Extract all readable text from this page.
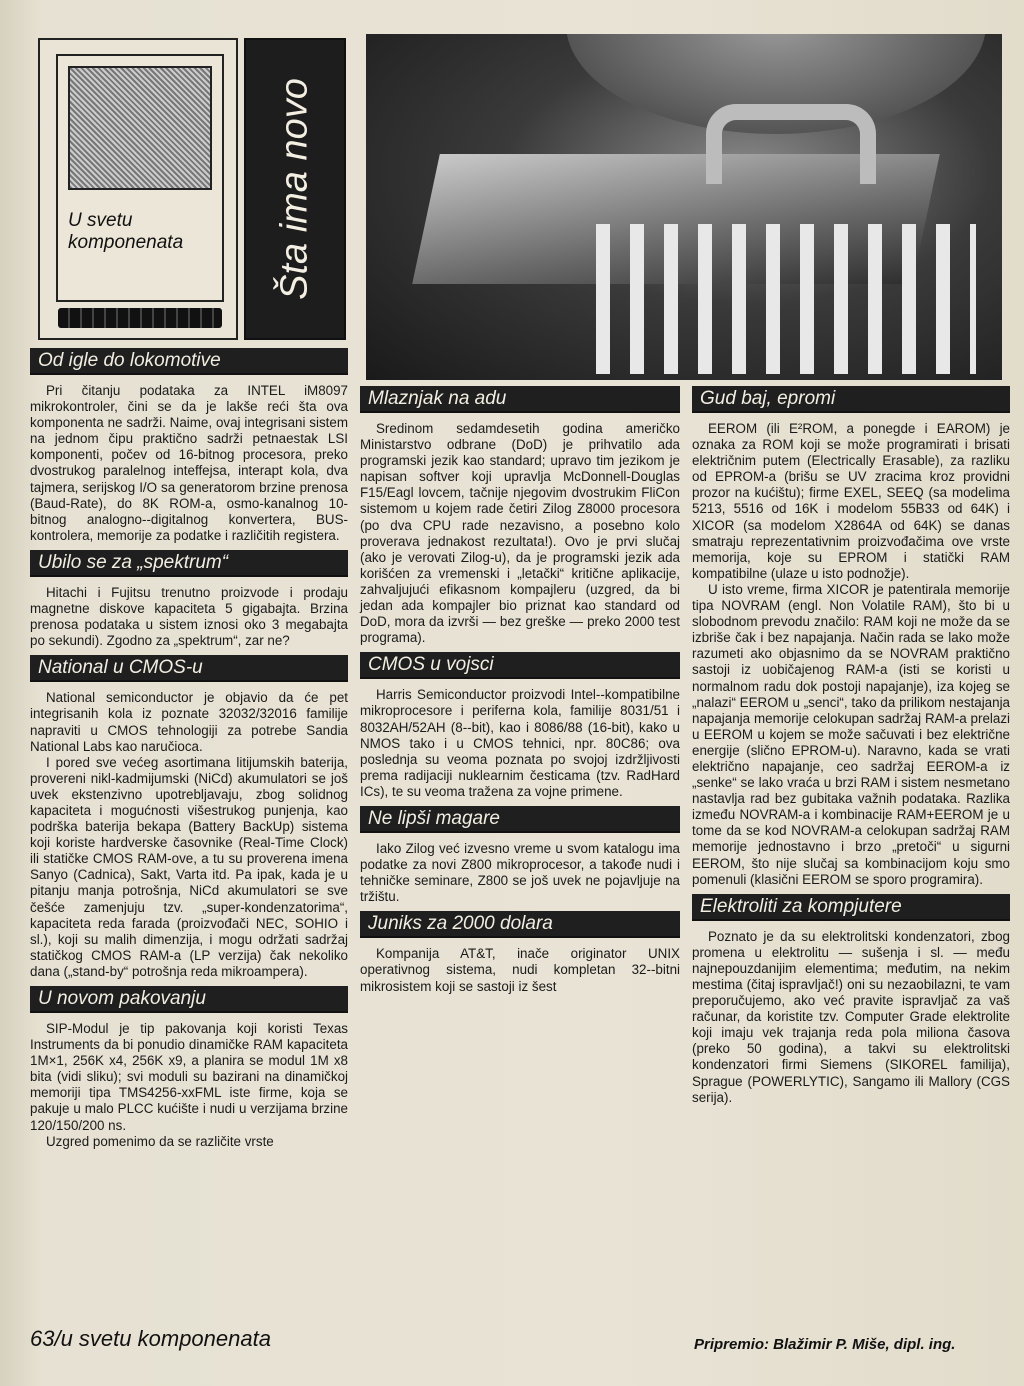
U svetu komponenata	Šta ima novo
Od igle do lokomotive

Pri čitanju podataka za INTEL iM8097 mikrokontroler, čini se da je lakše reći šta ova komponenta ne sadrži. Naime, ovaj integrisani sistem na jednom čipu praktično sadrži petnaestak LSI komponenti, počev od 16-bitnog procesora, preko dvostrukog paralelnog inteffejsa, interapt kola, dva tajmera, serijskog I/O sa generatorom brzine prenosa (Baud-Rate), do 8K ROM-a, osmo-kanalnog 10-bitnog analogno--digitalnog konvertera, BUS-kontrolera, memorije za podatke i različitih registera.

Ubilo se za „spektrum“

Hitachi i Fujitsu trenutno proizvode i prodaju magnetne diskove kapaciteta 5 gigabajta. Brzina prenosa podataka u sistem iznosi oko 3 megabajta po sekundi). Zgodno za „spektrum“, zar ne?

National u CMOS-u

National semiconductor je objavio da će pet integrisanih kola iz poznate 32032/32016 familije napraviti u CMOS tehnologiji za potrebe Sandia National Labs kao naručioca.

I pored sve većeg asortimana litijumskih baterija, provereni nikl-kadmijumski (NiCd) akumulatori se još uvek ekstenzivno upotrebljavaju, zbog solidnog kapaciteta i mogućnosti višestrukog punjenja, kao podrška baterija bekapa (Battery BackUp) sistema koji koriste hardverske časovnike (Real-Time Clock) ili statičke CMOS RAM-ove, a tu su proverena imena Sanyo (Cadnica), Sakt, Varta itd. Pa ipak, kada je u pitanju manja potrošnja, NiCd akumulatori se sve češće zamenjuju tzv. „super-kondenzatorima“, kapaciteta reda farada (proizvođači NEC, SOHIO i sl.), koji su malih dimenzija, i mogu održati sadržaj statičkog CMOS RAM-a (LP verzija) čak nekoliko dana („stand-by“ potrošnja reda mikroampera).

U novom pakovanju

SIP-Modul je tip pakovanja koji koristi Texas Instruments da bi ponudio dinamičke RAM kapaciteta 1M×1, 256K x4, 256K x9, a planira se modul 1M x8 bita (vidi sliku); svi moduli su bazirani na dinamičkoj memoriji tipa TMS4256-xxFML iste firme, koja se pakuje u malo PLCC kućište i nudi u verzijama brzine 120/150/200 ns.

Uzgred pomenimo da se različite vrste

Mlaznjak na adu

Sredinom sedamdesetih godina američko Ministarstvo odbrane (DoD) je prihvatilo ada programski jezik kao standard; upravo tim jezikom je napisan softver koji upravlja McDonnell-Douglas F15/Eagl lovcem, tačnije njegovim dvostrukim FliCon sistemom u kojem rade četiri Zilog Z8000 procesora (po dva CPU rade nezavisno, a posebno kolo proverava jednakost rezultata!). Ovo je prvi slučaj (ako je verovati Zilog-u), da je programski jezik ada korišćen za vremenski i „letački“ kritične aplikacije, zahvaljujući efikasnom kompajleru (uzgred, da bi jedan ada kompajler bio priznat kao standard od DoD, mora da izvrši — bez greške — preko 2000 test programa).

CMOS u vojsci

Harris Semiconductor proizvodi Intel--kompatibilne mikroprocesore i periferna kola, familije 8031/51 i 8032AH/52AH (8--bit), kao i 8086/88 (16-bit), kako u NMOS tako i u CMOS tehnici, npr. 80C86; ova poslednja su veoma poznata po svojoj izdržljivosti prema radijaciji nuklearnim česticama (tzv. RadHard ICs), te su veoma tražena za vojne primene.

Ne lipši magare

Iako Zilog već izvesno vreme u svom katalogu ima podatke za novi Z800 mikroprocesor, a takođe nudi i tehničke seminare, Z800 se još uvek ne pojavljuje na tržištu.

Juniks za 2000 dolara

Kompanija AT&T, inače originator UNIX operativnog sistema, nudi kompletan 32--bitni mikrosistem koji se sastoji iz šest

Gud baj, epromi

EEROM (ili E²ROM, a ponegde i EAROM) je oznaka za ROM koji se može programirati i brisati električnim putem (Electrically Erasable), za razliku od EPROM-a (brišu se UV zracima kroz providni prozor na kućištu); firme EXEL, SEEQ (sa modelima 5213, 5516 od 16K i modelom 55B33 od 64K) i XICOR (sa modelom X2864A od 64K) se danas smatraju reprezentativnim proizvođačima ove vrste memorija, koje su EPROM i statički RAM kompatibilne (ulaze u isto podnožje).

U isto vreme, firma XICOR je patentirala memorije tipa NOVRAM (engl. Non Volatile RAM), što bi u slobodnom prevodu značilo: RAM koji ne može da se izbriše čak i bez napajanja. Način rada se lako može razumeti ako objasnimo da se NOVRAM praktično sastoji iz uobičajenog RAM-a (isti se koristi u normalnom radu dok postoji napajanje), iza kojeg se „nalazi“ EEROM u „senci“, tako da prilikom nestajanja napajanja memorije celokupan sadržaj RAM-a prelazi u EEROM u kojem se može sačuvati i bez električne energije (slično EPROM-u). Naravno, kada se vrati električno napajanje, ceo sadržaj EEROM-a iz „senke“ se lako vraća u brzi RAM i sistem nesmetano nastavlja rad bez gubitaka važnih podataka. Razlika između NOVRAM-a i kombinacije RAM+EEROM je u tome da se kod NOVRAM-a celokupan sadržaj RAM memorije jednostavno i brzo „pretoči“ u sigurni EEROM, što nije slučaj sa kombinacijom koju smo pomenuli (klasični EEROM se sporo programira).

Elektroliti za kompjutere

Poznato je da su elektrolitski kondenzatori, zbog promena u elektrolitu — sušenja i sl. — među najnepouzdanijim elementima; međutim, na nekim mestima (čitaj ispravljač!) oni su nezaobilazni, te vam preporučujemo, ako već pravite ispravljač za vaš računar, da koristite tzv. Computer Grade elektrolite koji imaju vek trajanja reda pola miliona časova (preko 50 godina), a takvi su elektrolitski kondenzatori firmi Siemens (SIKOREL familija), Sprague (POWERLYTIC), Sangamo ili Mallory (CGS serija).

63/u svetu komponenata	Pripremio: Blažimir P. Miše, dipl. ing.
